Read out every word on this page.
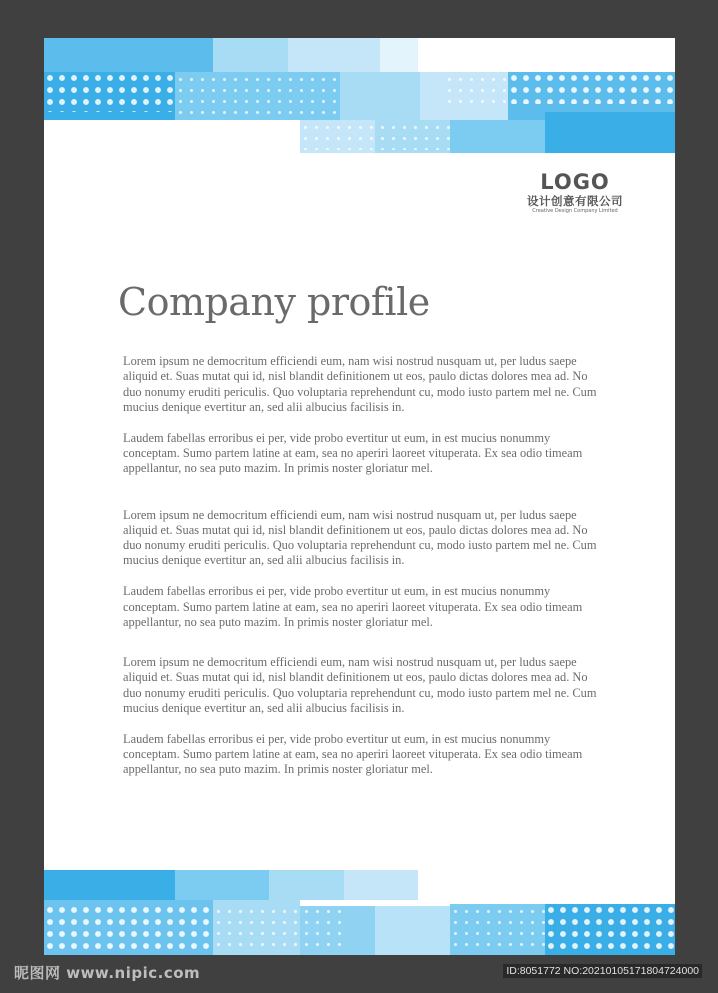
LOGO
设计创意有限公司
Creative Design Company Limited
Company profile

Lorem ipsum ne democritum efficiendi eum, nam wisi nostrud nusquam ut, per ludus saepe aliquid et. Suas mutat qui id, nisl blandit definitionem ut eos, paulo dictas dolores mea ad. No duo nonumy eruditi periculis. Quo voluptaria reprehendunt cu, modo iusto partem mel ne. Cum mucius denique evertitur an, sed alii albucius facilisis in.

Laudem fabellas erroribus ei per, vide probo evertitur ut eum, in est mucius nonummy conceptam. Sumo partem latine at eam, sea no aperiri laoreet vituperata. Ex sea odio timeam appellantur, no sea puto mazim. In primis noster gloriatur mel.

Lorem ipsum ne democritum efficiendi eum, nam wisi nostrud nusquam ut, per ludus saepe aliquid et. Suas mutat qui id, nisl blandit definitionem ut eos, paulo dictas dolores mea ad. No duo nonumy eruditi periculis. Quo voluptaria reprehendunt cu, modo iusto partem mel ne. Cum mucius denique evertitur an, sed alii albucius facilisis in.

Laudem fabellas erroribus ei per, vide probo evertitur ut eum, in est mucius nonummy conceptam. Sumo partem latine at eam, sea no aperiri laoreet vituperata. Ex sea odio timeam appellantur, no sea puto mazim. In primis noster gloriatur mel.

Lorem ipsum ne democritum efficiendi eum, nam wisi nostrud nusquam ut, per ludus saepe aliquid et. Suas mutat qui id, nisl blandit definitionem ut eos, paulo dictas dolores mea ad. No duo nonumy eruditi periculis. Quo voluptaria reprehendunt cu, modo iusto partem mel ne. Cum mucius denique evertitur an, sed alii albucius facilisis in.

Laudem fabellas erroribus ei per, vide probo evertitur ut eum, in est mucius nonummy conceptam. Sumo partem latine at eam, sea no aperiri laoreet vituperata. Ex sea odio timeam appellantur, no sea puto mazim. In primis noster gloriatur mel.

昵图网 www.nipic.com	ID:8051772 NO:20210105171804724000
